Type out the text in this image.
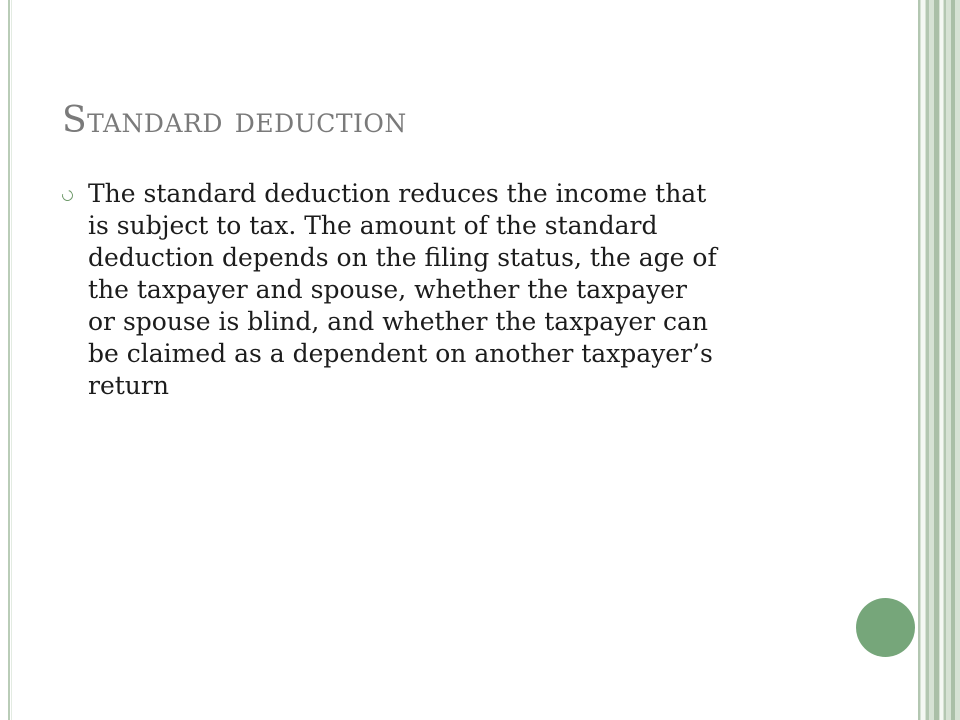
Standard deduction
The standard deduction reduces the income that
is subject to tax. The amount of the standard
deduction depends on the filing status, the age of
the taxpayer and spouse, whether the taxpayer
or spouse is blind, and whether the taxpayer can
be claimed as a dependent on another taxpayer’s
return
